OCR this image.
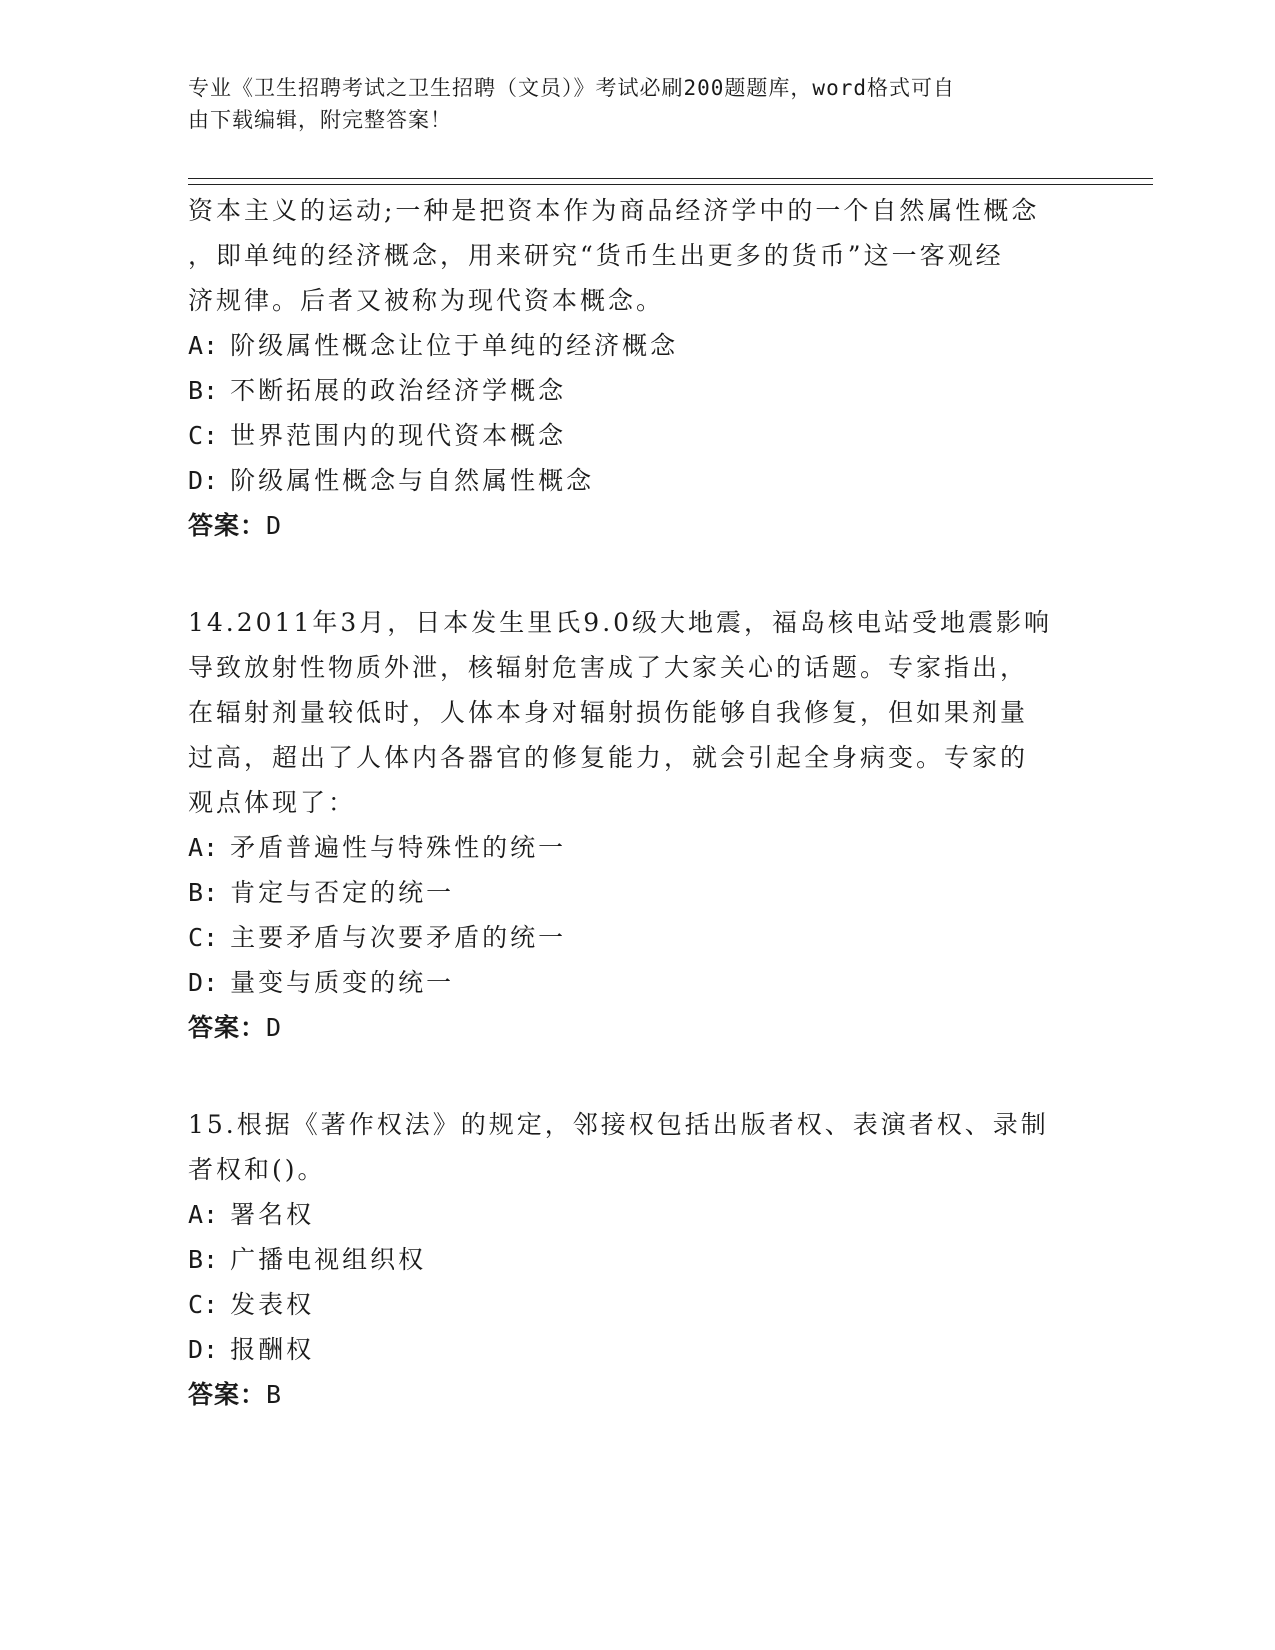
专业《卫生招聘考试之卫生招聘（文员）》考试必刷200题题库，word格式可自
由下载编辑，附完整答案！

资本主义的运动;一种是把资本作为商品经济学中的一个自然属性概念

，即单纯的经济概念，用来研究“货币生出更多的货币”这一客观经

济规律。后者又被称为现代资本概念。

A: 阶级属性概念让位于单纯的经济概念

B: 不断拓展的政治经济学概念

C: 世界范围内的现代资本概念

D: 阶级属性概念与自然属性概念

答案：D

14.2011年3月，日本发生里氏9.0级大地震，福岛核电站受地震影响

导致放射性物质外泄，核辐射危害成了大家关心的话题。专家指出，

在辐射剂量较低时，人体本身对辐射损伤能够自我修复，但如果剂量

过高，超出了人体内各器官的修复能力，就会引起全身病变。专家的

观点体现了：

A: 矛盾普遍性与特殊性的统一

B: 肯定与否定的统一

C: 主要矛盾与次要矛盾的统一

D: 量变与质变的统一

答案：D

15.根据《著作权法》的规定，邻接权包括出版者权、表演者权、录制

者权和()。

A: 署名权

B: 广播电视组织权

C: 发表权

D: 报酬权

答案：B
